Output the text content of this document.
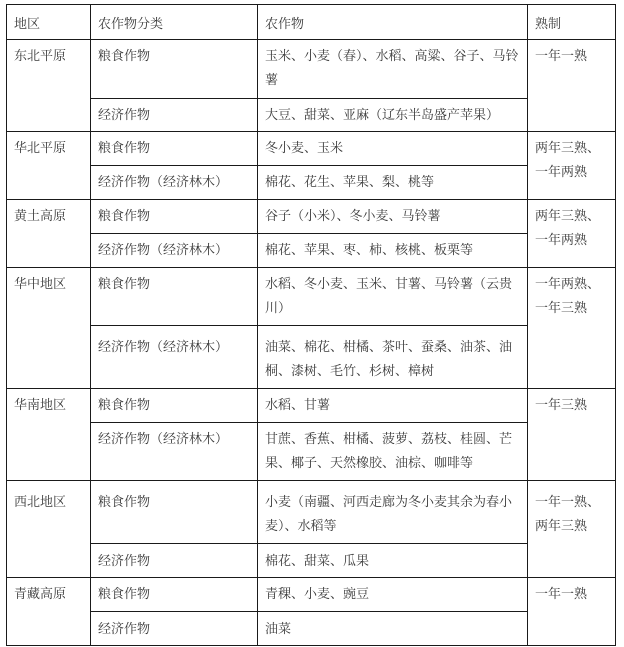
地区	农作物分类	农作物	熟制
东北平原	粮食作物	玉米、小麦（春）、水稻、高粱、谷子、马铃薯	一年一熟
	经济作物	大豆、甜菜、亚麻（辽东半岛盛产苹果）	
华北平原	粮食作物	冬小麦、玉米	两年三熟、一年两熟
	经济作物（经济林木）	棉花、花生、苹果、梨、桃等	
黄土高原	粮食作物	谷子（小米）、冬小麦、马铃薯	两年三熟、一年两熟
	经济作物（经济林木）	棉花、苹果、枣、柿、核桃、板栗等	
华中地区	粮食作物	水稻、冬小麦、玉米、甘薯、马铃薯（云贵川）	一年两熟、一年三熟
	经济作物（经济林木）	油菜、棉花、柑橘、茶叶、蚕桑、油茶、油桐、漆树、毛竹、杉树、樟树	
华南地区	粮食作物	水稻、甘薯	一年三熟
	经济作物（经济林木）	甘蔗、香蕉、柑橘、菠萝、荔枝、桂圆、芒果、椰子、天然橡胶、油棕、咖啡等	
西北地区	粮食作物	小麦（南疆、河西走廊为冬小麦其余为春小麦）、水稻等	一年一熟、两年三熟
	经济作物	棉花、甜菜、瓜果	
青藏高原	粮食作物	青稞、小麦、豌豆	一年一熟
	经济作物	油菜	
